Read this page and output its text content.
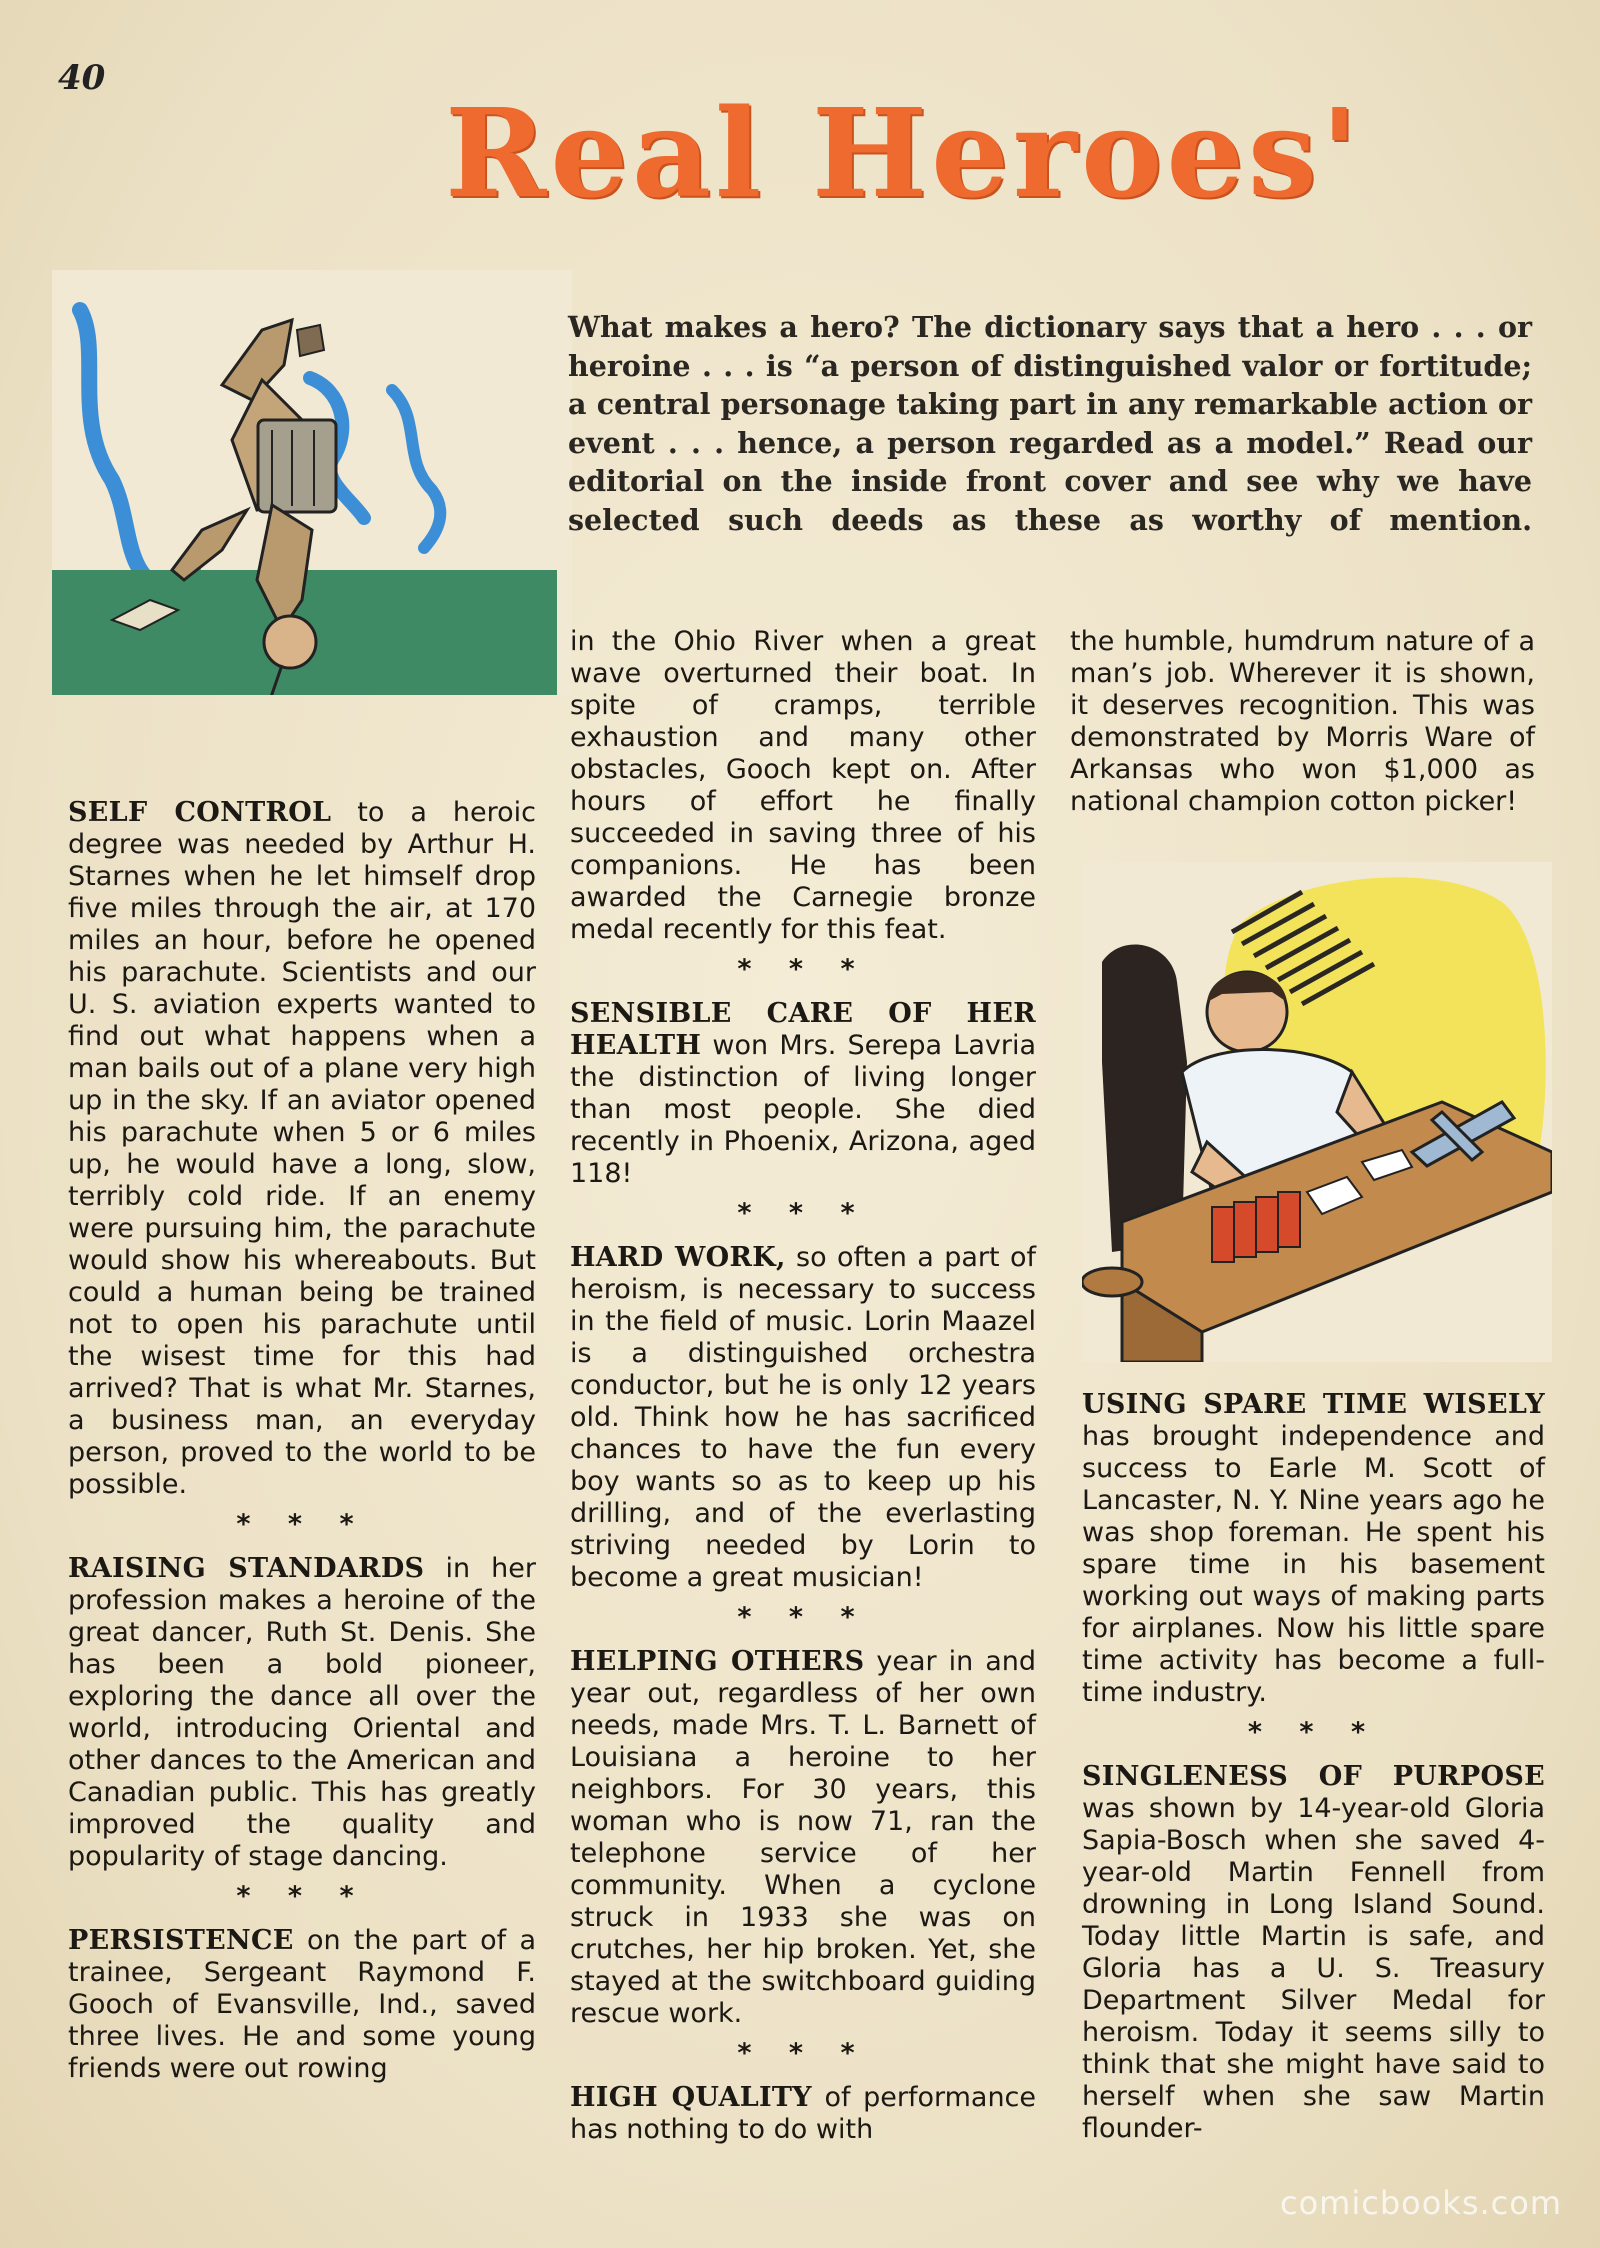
40
Real Heroes'
What makes a hero? The dictionary says that a hero . . . or heroine . . . is “a person of distinguished valor or fortitude; a central personage taking part in any remarkable action or event . . . hence, a person regarded as a model.” Read our editorial on the inside front cover and see why we have selected such deeds as these as worthy of mention.

SELF CONTROL to a heroic degree was needed by Arthur H. Starnes when he let himself drop five miles through the air, at 170 miles an hour, before he opened his parachute. Scientists and our U. S. aviation experts wanted to find out what happens when a man bails out of a plane very high up in the sky. If an aviator opened his parachute when 5 or 6 miles up, he would have a long, slow, terribly cold ride. If an enemy were pursuing him, the parachute would show his whereabouts. But could a human being be trained not to open his parachute until the wisest time for this had arrived? That is what Mr. Starnes, a business man, an everyday person, proved to the world to be possible.

* * *

RAISING STANDARDS in her profession makes a heroine of the great dancer, Ruth St. Denis. She has been a bold pioneer, exploring the dance all over the world, introducing Oriental and other dances to the American and Canadian public. This has greatly improved the quality and popularity of stage dancing.

* * *

PERSISTENCE on the part of a trainee, Sergeant Raymond F. Gooch of Evansville, Ind., saved three lives. He and some young friends were out rowing

in the Ohio River when a great wave overturned their boat. In spite of cramps, terrible exhaustion and many other obstacles, Gooch kept on. After hours of effort he finally succeeded in saving three of his companions. He has been awarded the Carnegie bronze medal recently for this feat.

* * *

SENSIBLE CARE OF HER HEALTH won Mrs. Serepa Lavria the distinction of living longer than most people. She died recently in Phoenix, Arizona, aged 118!

* * *

HARD WORK, so often a part of heroism, is necessary to success in the field of music. Lorin Maazel is a distinguished orchestra conductor, but he is only 12 years old. Think how he has sacrificed chances to have the fun every boy wants so as to keep up his drilling, and of the everlasting striving needed by Lorin to become a great musician!

* * *

HELPING OTHERS year in and year out, regardless of her own needs, made Mrs. T. L. Barnett of Louisiana a heroine to her neighbors. For 30 years, this woman who is now 71, ran the telephone service of her community. When a cyclone struck in 1933 she was on crutches, her hip broken. Yet, she stayed at the switchboard guiding rescue work.

* * *

HIGH QUALITY of performance has nothing to do with

the humble, humdrum nature of a man’s job. Wherever it is shown, it deserves recognition. This was demonstrated by Morris Ware of Arkansas who won $1,000 as national champion cotton picker!

USING SPARE TIME WISELY has brought independence and success to Earle M. Scott of Lancaster, N. Y. Nine years ago he was shop foreman. He spent his spare time in his basement working out ways of making parts for airplanes. Now his little spare time activity has become a full-time industry.

* * *

SINGLENESS OF PURPOSE was shown by 14-year-old Gloria Sapia-Bosch when she saved 4-year-old Martin Fennell from drowning in Long Island Sound. Today little Martin is safe, and Gloria has a U. S. Treasury Department Silver Medal for heroism. Today it seems silly to think that she might have said to herself when she saw Martin flounder-

comicbooks.com
